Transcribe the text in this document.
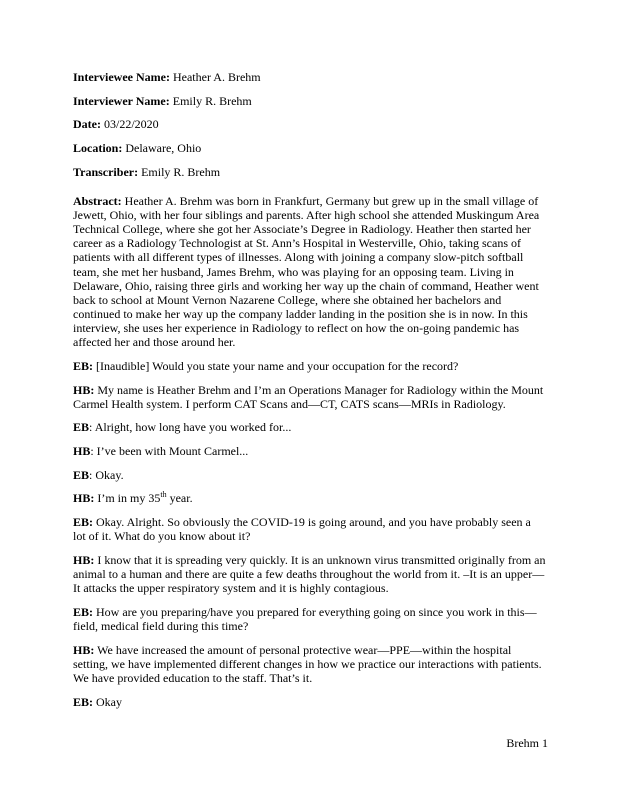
Interviewee Name: Heather A. Brehm

Interviewer Name: Emily R. Brehm

Date: 03/22/2020

Location: Delaware, Ohio

Transcriber: Emily R. Brehm

Abstract: Heather A. Brehm was born in Frankfurt, Germany but grew up in the small village of Jewett, Ohio, with her four siblings and parents. After high school she attended Muskingum Area Technical College, where she got her Associate’s Degree in Radiology. Heather then started her career as a Radiology Technologist at St. Ann’s Hospital in Westerville, Ohio, taking scans of patients with all different types of illnesses. Along with joining a company slow-pitch softball team, she met her husband, James Brehm, who was playing for an opposing team. Living in Delaware, Ohio, raising three girls and working her way up the chain of command, Heather went back to school at Mount Vernon Nazarene College, where she obtained her bachelors and continued to make her way up the company ladder landing in the position she is in now. In this interview, she uses her experience in Radiology to reflect on how the on-going pandemic has affected her and those around her.

EB: [Inaudible] Would you state your name and your occupation for the record?

HB: My name is Heather Brehm and I’m an Operations Manager for Radiology within the Mount Carmel Health system. I perform CAT Scans and—CT, CATS scans—MRIs in Radiology.

EB: Alright, how long have you worked for...

HB: I’ve been with Mount Carmel...

EB: Okay.

HB: I’m in my 35th year.

EB: Okay. Alright. So obviously the COVID-19 is going around, and you have probably seen a lot of it. What do you know about it?

HB: I know that it is spreading very quickly. It is an unknown virus transmitted originally from an animal to a human and there are quite a few deaths throughout the world from it. –It is an upper—It attacks the upper respiratory system and it is highly contagious.

EB: How are you preparing/have you prepared for everything going on since you work in this—field, medical field during this time?

HB: We have increased the amount of personal protective wear—PPE—within the hospital setting, we have implemented different changes in how we practice our interactions with patients. We have provided education to the staff. That’s it.

EB: Okay

Brehm 1
